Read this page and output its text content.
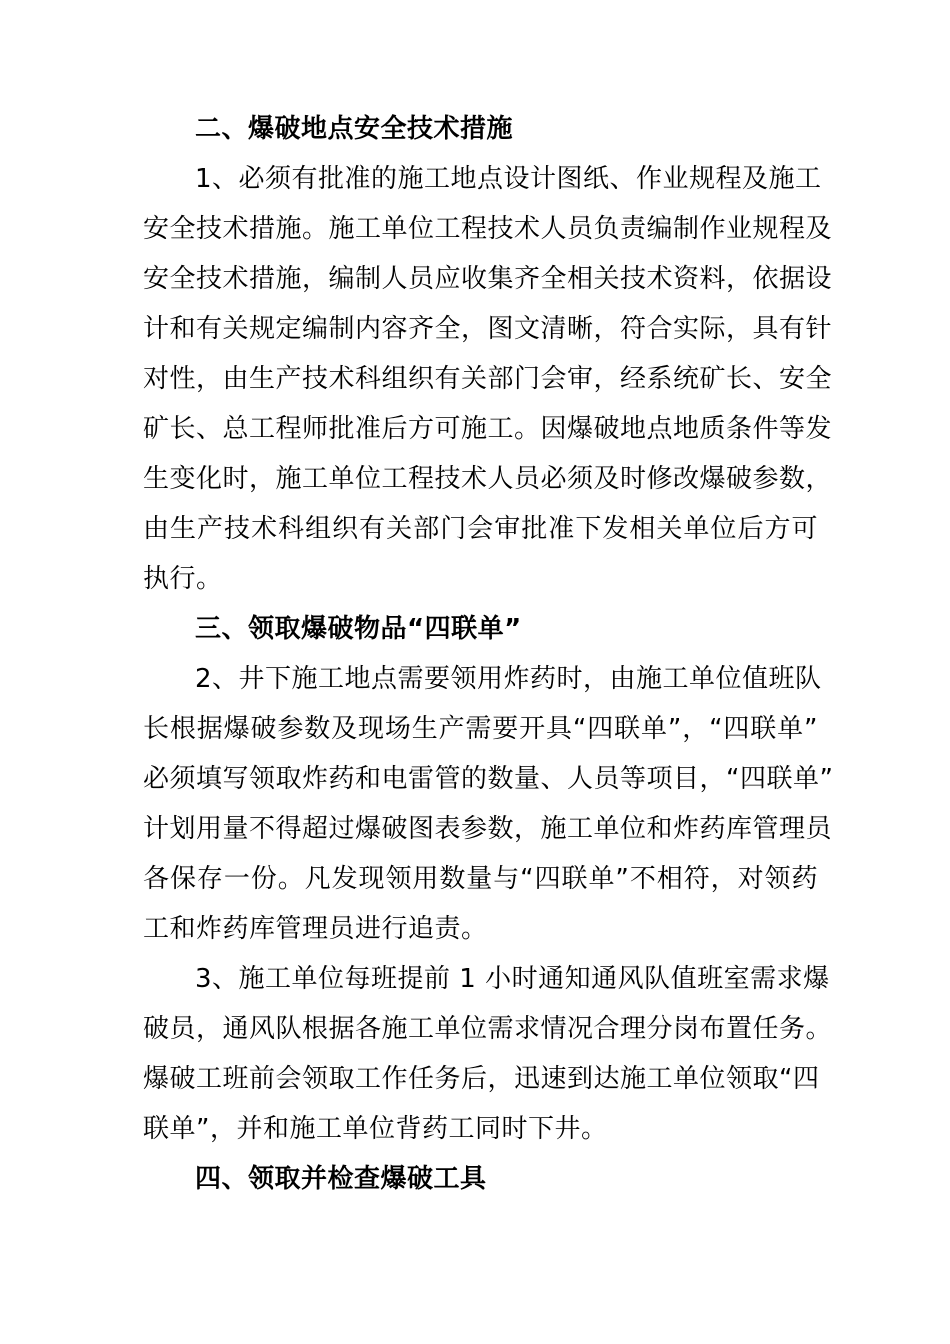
二、爆破地点安全技术措施
1、必须有批准的施工地点设计图纸、作业规程及施工
安全技术措施。施工单位工程技术人员负责编制作业规程及
安全技术措施，编制人员应收集齐全相关技术资料，依据设
计和有关规定编制内容齐全，图文清晰，符合实际，具有针
对性，由生产技术科组织有关部门会审，经系统矿长、安全
矿长、总工程师批准后方可施工。因爆破地点地质条件等发
生变化时，施工单位工程技术人员必须及时修改爆破参数，
由生产技术科组织有关部门会审批准下发相关单位后方可
执行。
三、领取爆破物品“四联单”
2、井下施工地点需要领用炸药时，由施工单位值班队
长根据爆破参数及现场生产需要开具“四联单”，“四联单”
必须填写领取炸药和电雷管的数量、人员等项目，“四联单”
计划用量不得超过爆破图表参数，施工单位和炸药库管理员
各保存一份。凡发现领用数量与“四联单”不相符，对领药
工和炸药库管理员进行追责。
3、施工单位每班提前 1 小时通知通风队值班室需求爆
破员，通风队根据各施工单位需求情况合理分岗布置任务。
爆破工班前会领取工作任务后，迅速到达施工单位领取“四
联单”，并和施工单位背药工同时下井。
四、领取并检查爆破工具
